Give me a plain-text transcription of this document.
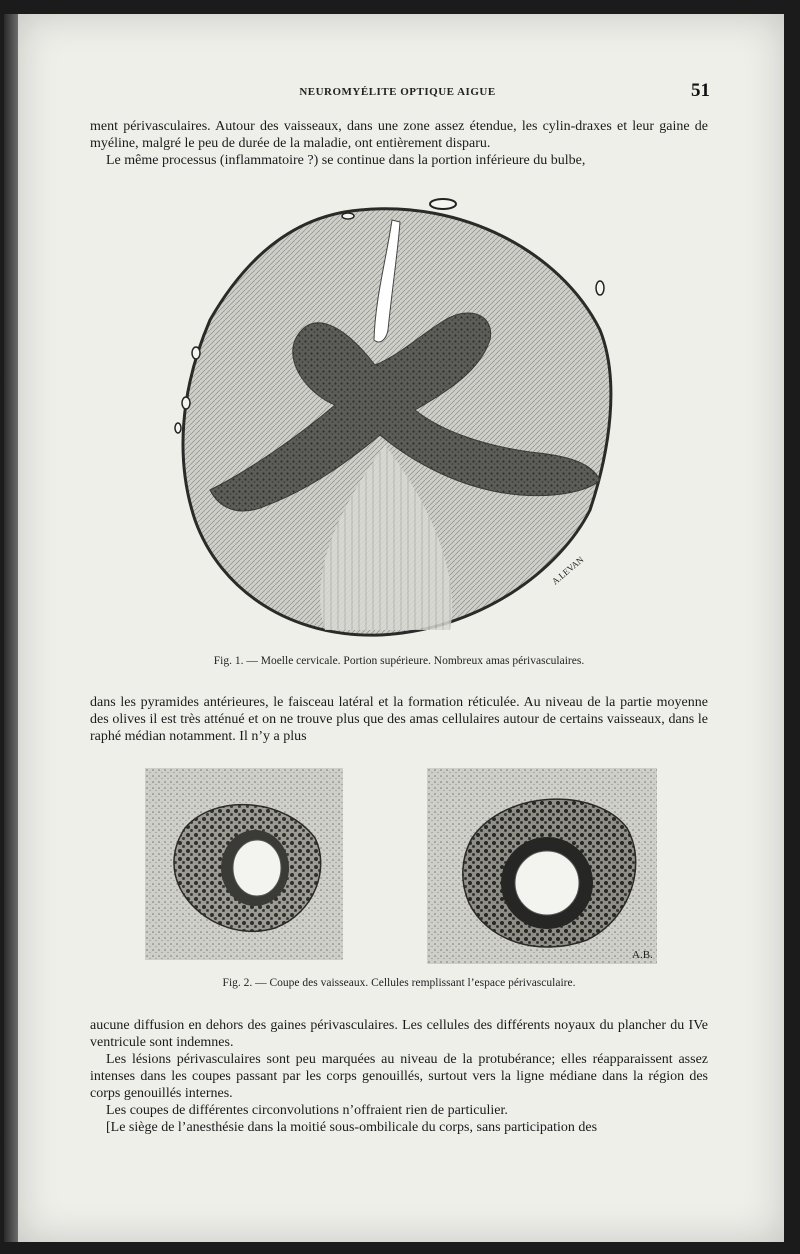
NEUROMYÉLITE OPTIQUE AIGUE	51

ment périvasculaires. Autour des vaisseaux, dans une zone assez étendue, les cylin-draxes et leur gaine de myéline, malgré le peu de durée de la maladie, ont entièrement disparu.

Le même processus (inflammatoire ?) se continue dans la portion inférieure du bulbe,

A.LEVAN
Fig. 1. — Moelle cervicale. Portion supérieure. Nombreux amas périvasculaires.

dans les pyramides antérieures, le faisceau latéral et la formation réticulée. Au niveau de la partie moyenne des olives il est très atténué et on ne trouve plus que des amas cellulaires autour de certains vaisseaux, dans le raphé médian notamment. Il n’y a plus

A.B.
Fig. 2. — Coupe des vaisseaux. Cellules remplissant l’espace périvasculaire.

aucune diffusion en dehors des gaines périvasculaires. Les cellules des différents noyaux du plancher du IVe ventricule sont indemnes.

Les lésions périvasculaires sont peu marquées au niveau de la protubérance; elles réapparaissent assez intenses dans les coupes passant par les corps genouillés, surtout vers la ligne médiane dans la région des corps genouillés internes.

Les coupes de différentes circonvolutions n’offraient rien de particulier.

[Le siège de l’anesthésie dans la moitié sous-ombilicale du corps, sans participation des
